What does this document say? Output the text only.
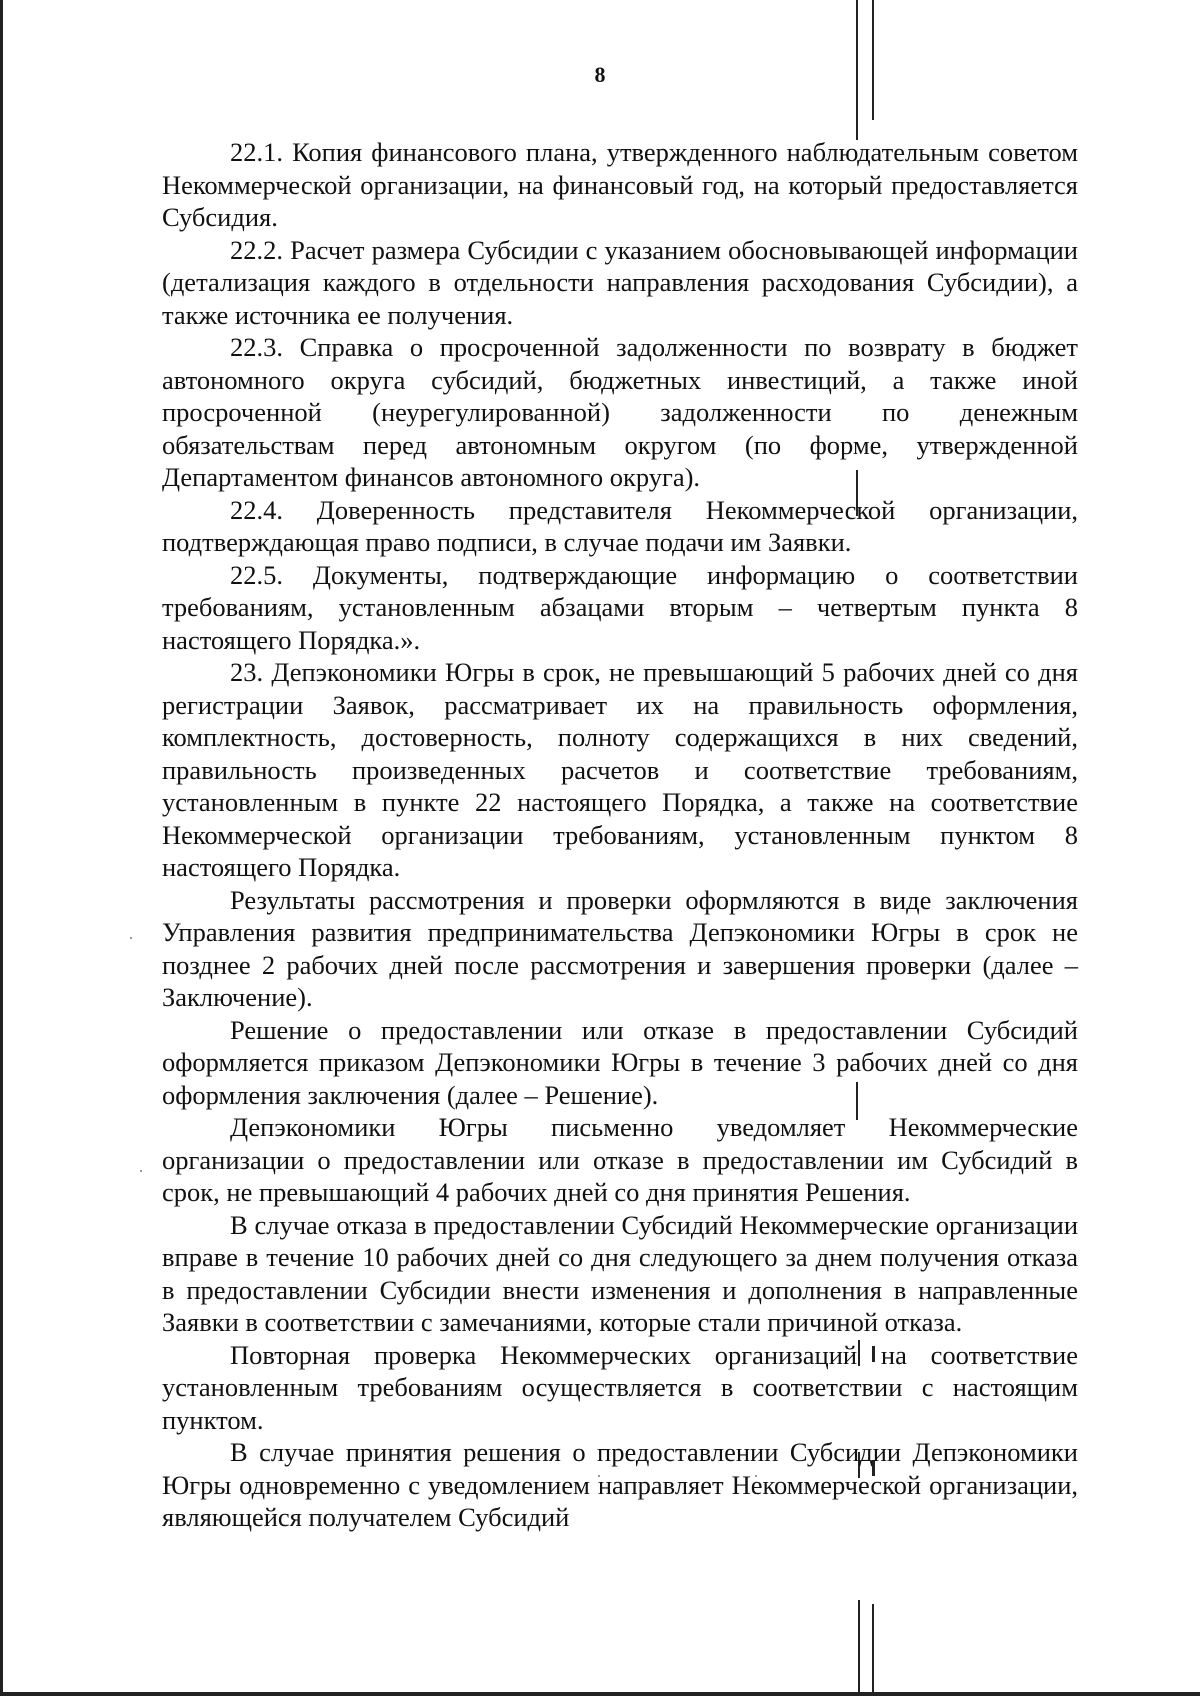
8

22.1. Копия финансового плана, утвержденного наблюдательным советом Некоммерческой организации, на финансовый год, на который предоставляется Субсидия.

22.2. Расчет размера Субсидии с указанием обосновывающей информации (детализация каждого в отдельности направления расходования Субсидии), а также источника ее получения.

22.3. Справка о просроченной задолженности по возврату в бюджет автономного округа субсидий, бюджетных инвестиций, а также иной просроченной (неурегулированной) задолженности по денежным обязательствам перед автономным округом (по форме, утвержденной Департаментом финансов автономного округа).

22.4. Доверенность представителя Некоммерческой организации, подтверждающая право подписи, в случае подачи им Заявки.

22.5. Документы, подтверждающие информацию о соответствии требованиям, установленным абзацами вторым – четвертым пункта 8 настоящего Порядка.».

23. Депэкономики Югры в срок, не превышающий 5 рабочих дней со дня регистрации Заявок, рассматривает их на правильность оформления, комплектность, достоверность, полноту содержащихся в них сведений, правильность произведенных расчетов и соответствие требованиям, установленным в пункте 22 настоящего Порядка, а также на соответствие Некоммерческой организации требованиям, установленным пунктом 8 настоящего Порядка.

Результаты рассмотрения и проверки оформляются в виде заключения Управления развития предпринимательства Депэкономики Югры в срок не позднее 2 рабочих дней после рассмотрения и завершения проверки (далее – Заключение).

Решение о предоставлении или отказе в предоставлении Субсидий оформляется приказом Депэкономики Югры в течение 3 рабочих дней со дня оформления заключения (далее – Решение).

Депэкономики Югры письменно уведомляет Некоммерческие организации о предоставлении или отказе в предоставлении им Субсидий в срок, не превышающий 4 рабочих дней со дня принятия Решения.

В случае отказа в предоставлении Субсидий Некоммерческие организации вправе в течение 10 рабочих дней со дня следующего за днем получения отказа в предоставлении Субсидии внести изменения и дополнения в направленные Заявки в соответствии с замечаниями, которые стали причиной отказа.

Повторная проверка Некоммерческих организаций на соответствие установленным требованиям осуществляется в соответствии с настоящим пунктом.

В случае принятия решения о предоставлении Субсидии Депэкономики Югры одновременно с уведомлением направляет Некоммерческой организации, являющейся получателем Субсидий
